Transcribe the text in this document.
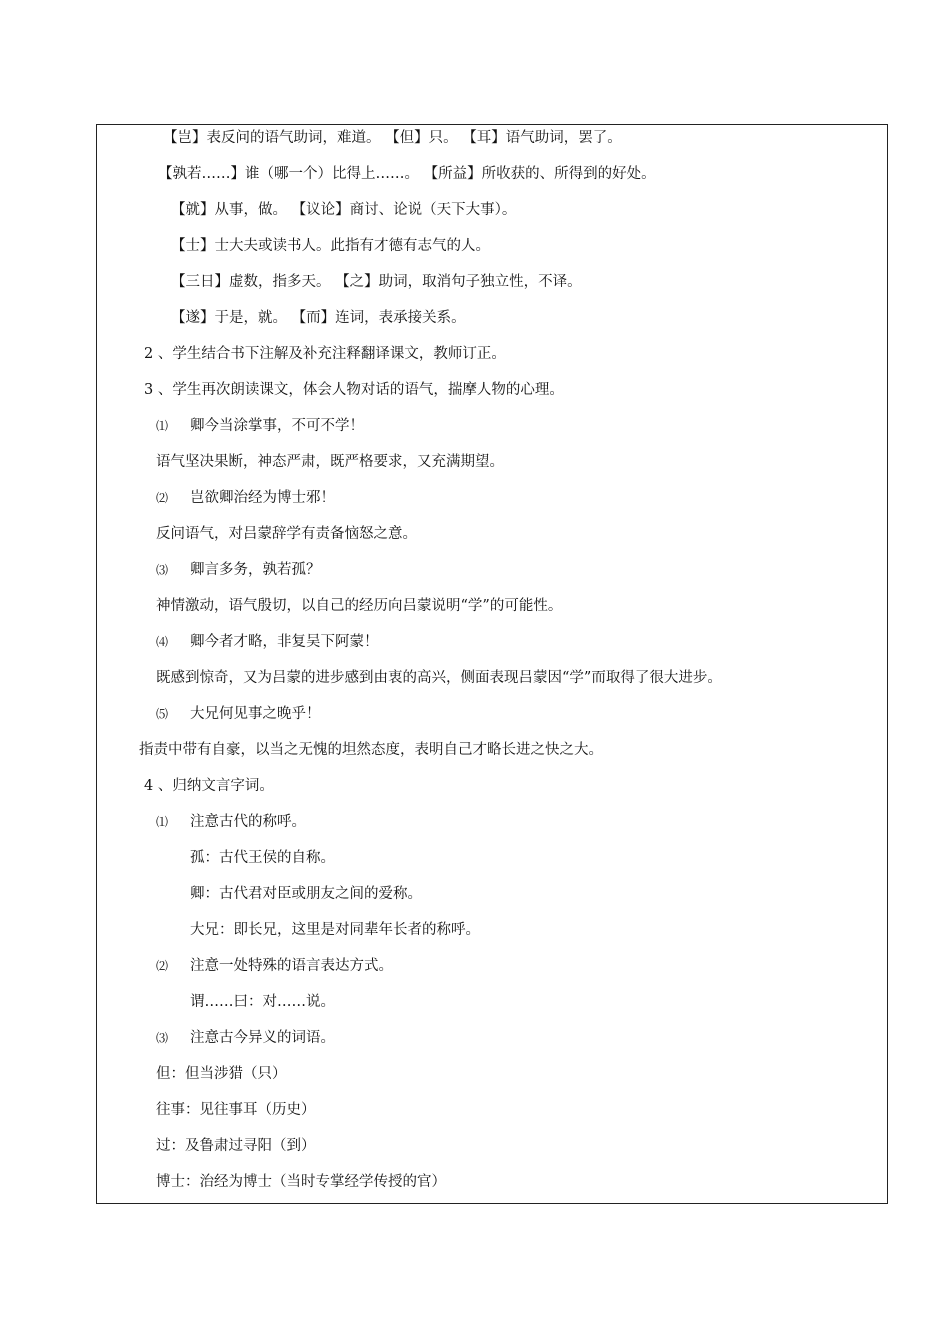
【岂】表反问的语气助词，难道。 【但】只。 【耳】语气助词，罢了。
【孰若……】谁（哪一个）比得上……。 【所益】所收获的、所得到的好处。
【就】从事，做。 【议论】商讨、论说（天下大事）。
【士】士大夫或读书人。此指有才德有志气的人。
【三日】虚数，指多天。 【之】助词，取消句子独立性，不译。
【遂】于是，就。 【而】连词，表承接关系。
2 、学生结合书下注解及补充注释翻译课文，教师订正。
3 、学生再次朗读课文，体会人物对话的语气，揣摩人物的心理。
⑴ 卿今当涂掌事，不可不学！
语气坚决果断，神态严肃，既严格要求，又充满期望。
⑵ 岂欲卿治经为博士邪！
反问语气，对吕蒙辞学有责备恼怒之意。
⑶ 卿言多务，孰若孤？
神情激动，语气殷切，以自己的经历向吕蒙说明“学”的可能性。
⑷ 卿今者才略，非复吴下阿蒙！
既感到惊奇，又为吕蒙的进步感到由衷的高兴，侧面表现吕蒙因“学”而取得了很大进步。
⑸ 大兄何见事之晚乎！
指责中带有自豪，以当之无愧的坦然态度，表明自己才略长进之快之大。
4 、归纳文言字词。
⑴ 注意古代的称呼。
孤：古代王侯的自称。
卿：古代君对臣或朋友之间的爱称。
大兄：即长兄，这里是对同辈年长者的称呼。
⑵ 注意一处特殊的语言表达方式。
谓……曰：对……说。
⑶ 注意古今异义的词语。
但：但当涉猎（只）
往事：见往事耳（历史）
过：及鲁肃过寻阳（到）
博士：治经为博士（当时专掌经学传授的官）
